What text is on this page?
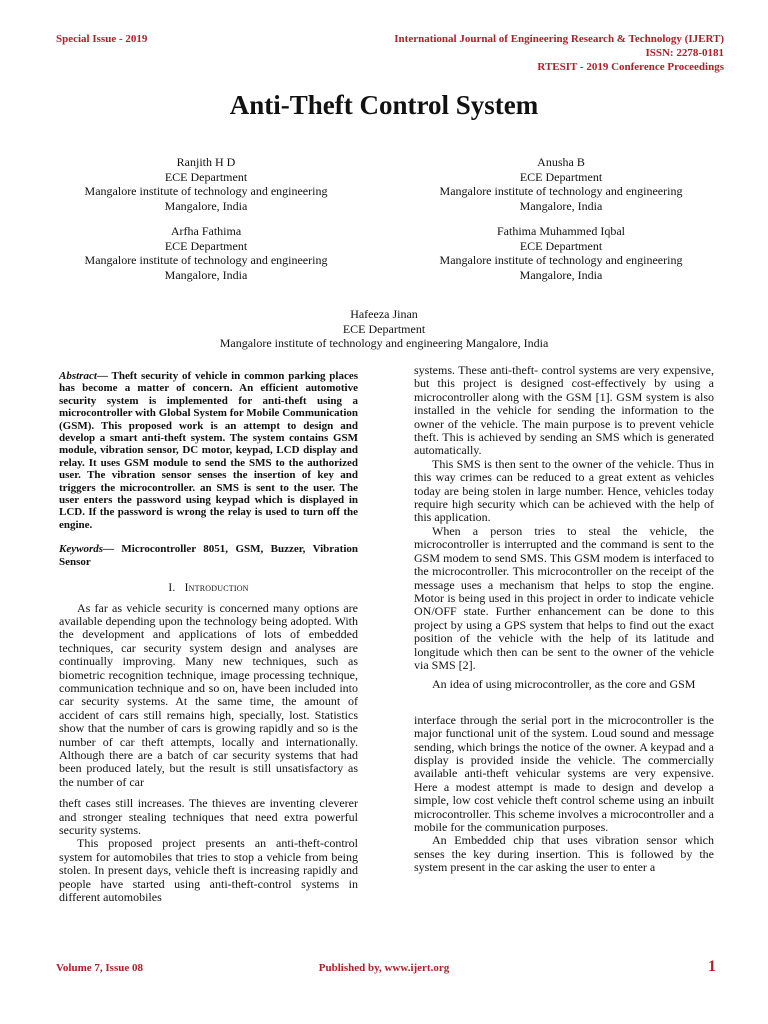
Special Issue - 2019	International Journal of Engineering Research & Technology (IJERT)
ISSN: 2278-0181
RTESIT - 2019 Conference Proceedings
Anti-Theft Control System
Ranjith H D
ECE Department
Mangalore institute of technology and engineering
Mangalore, India
Anusha B
ECE Department
Mangalore institute of technology and engineering
Mangalore, India
Arfha Fathima
ECE Department
Mangalore institute of technology and engineering
Mangalore, India
Fathima Muhammed Iqbal
ECE Department
Mangalore institute of technology and engineering
Mangalore, India
Hafeeza Jinan
ECE Department
Mangalore institute of technology and engineering Mangalore, India
Abstract— Theft security of vehicle in common parking places has become a matter of concern. An efficient automotive security system is implemented for anti-theft using a microcontroller with Global System for Mobile Communication (GSM). This proposed work is an attempt to design and develop a smart anti-theft system. The system contains GSM module, vibration sensor, DC motor, keypad, LCD display and relay. It uses GSM module to send the SMS to the authorized user. The vibration sensor senses the insertion of key and triggers the microcontroller. an SMS is sent to the user. The user enters the password using keypad which is displayed in LCD. If the password is wrong the relay is used to turn off the engine.
Keywords— Microcontroller 8051, GSM, Buzzer, Vibration Sensor
I. Introduction

As far as vehicle security is concerned many options are available depending upon the technology being adopted. With the development and applications of lots of embedded techniques, car security system design and analyses are continually improving. Many new techniques, such as biometric recognition technique, image processing technique, communication technique and so on, have been included into car security systems. At the same time, the amount of accident of cars still remains high, specially, lost. Statistics show that the number of cars is growing rapidly and so is the number of car theft attempts, locally and internationally. Although there are a batch of car security systems that had been produced lately, but the result is still unsatisfactory as the number of car

theft cases still increases. The thieves are inventing cleverer and stronger stealing techniques that need extra powerful security systems.

This proposed project presents an anti-theft-control system for automobiles that tries to stop a vehicle from being stolen. In present days, vehicle theft is increasing rapidly and people have started using anti-theft-control systems in different automobiles

systems. These anti-theft- control systems are very expensive, but this project is designed cost-effectively by using a microcontroller along with the GSM [1]. GSM system is also installed in the vehicle for sending the information to the owner of the vehicle. The main purpose is to prevent vehicle theft. This is achieved by sending an SMS which is generated automatically.

This SMS is then sent to the owner of the vehicle. Thus in this way crimes can be reduced to a great extent as vehicles today are being stolen in large number. Hence, vehicles today require high security which can be achieved with the help of this application.

When a person tries to steal the vehicle, the microcontroller is interrupted and the command is sent to the GSM modem to send SMS. This GSM modem is interfaced to the microcontroller. This microcontroller on the receipt of the message uses a mechanism that helps to stop the engine. Motor is being used in this project in order to indicate vehicle ON/OFF state. Further enhancement can be done to this project by using a GPS system that helps to find out the exact position of the vehicle with the help of its latitude and longitude which then can be sent to the owner of the vehicle via SMS [2].

An idea of using microcontroller, as the core and GSM

interface through the serial port in the microcontroller is the major functional unit of the system. Loud sound and message sending, which brings the notice of the owner. A keypad and a display is provided inside the vehicle. The commercially available anti-theft vehicular systems are very expensive. Here a modest attempt is made to design and develop a simple, low cost vehicle theft control scheme using an inbuilt microcontroller. This scheme involves a microcontroller and a mobile for the communication purposes.

An Embedded chip that uses vibration sensor which senses the key during insertion. This is followed by the system present in the car asking the user to enter a

Volume 7, Issue 08	Published by, www.ijert.org	1
